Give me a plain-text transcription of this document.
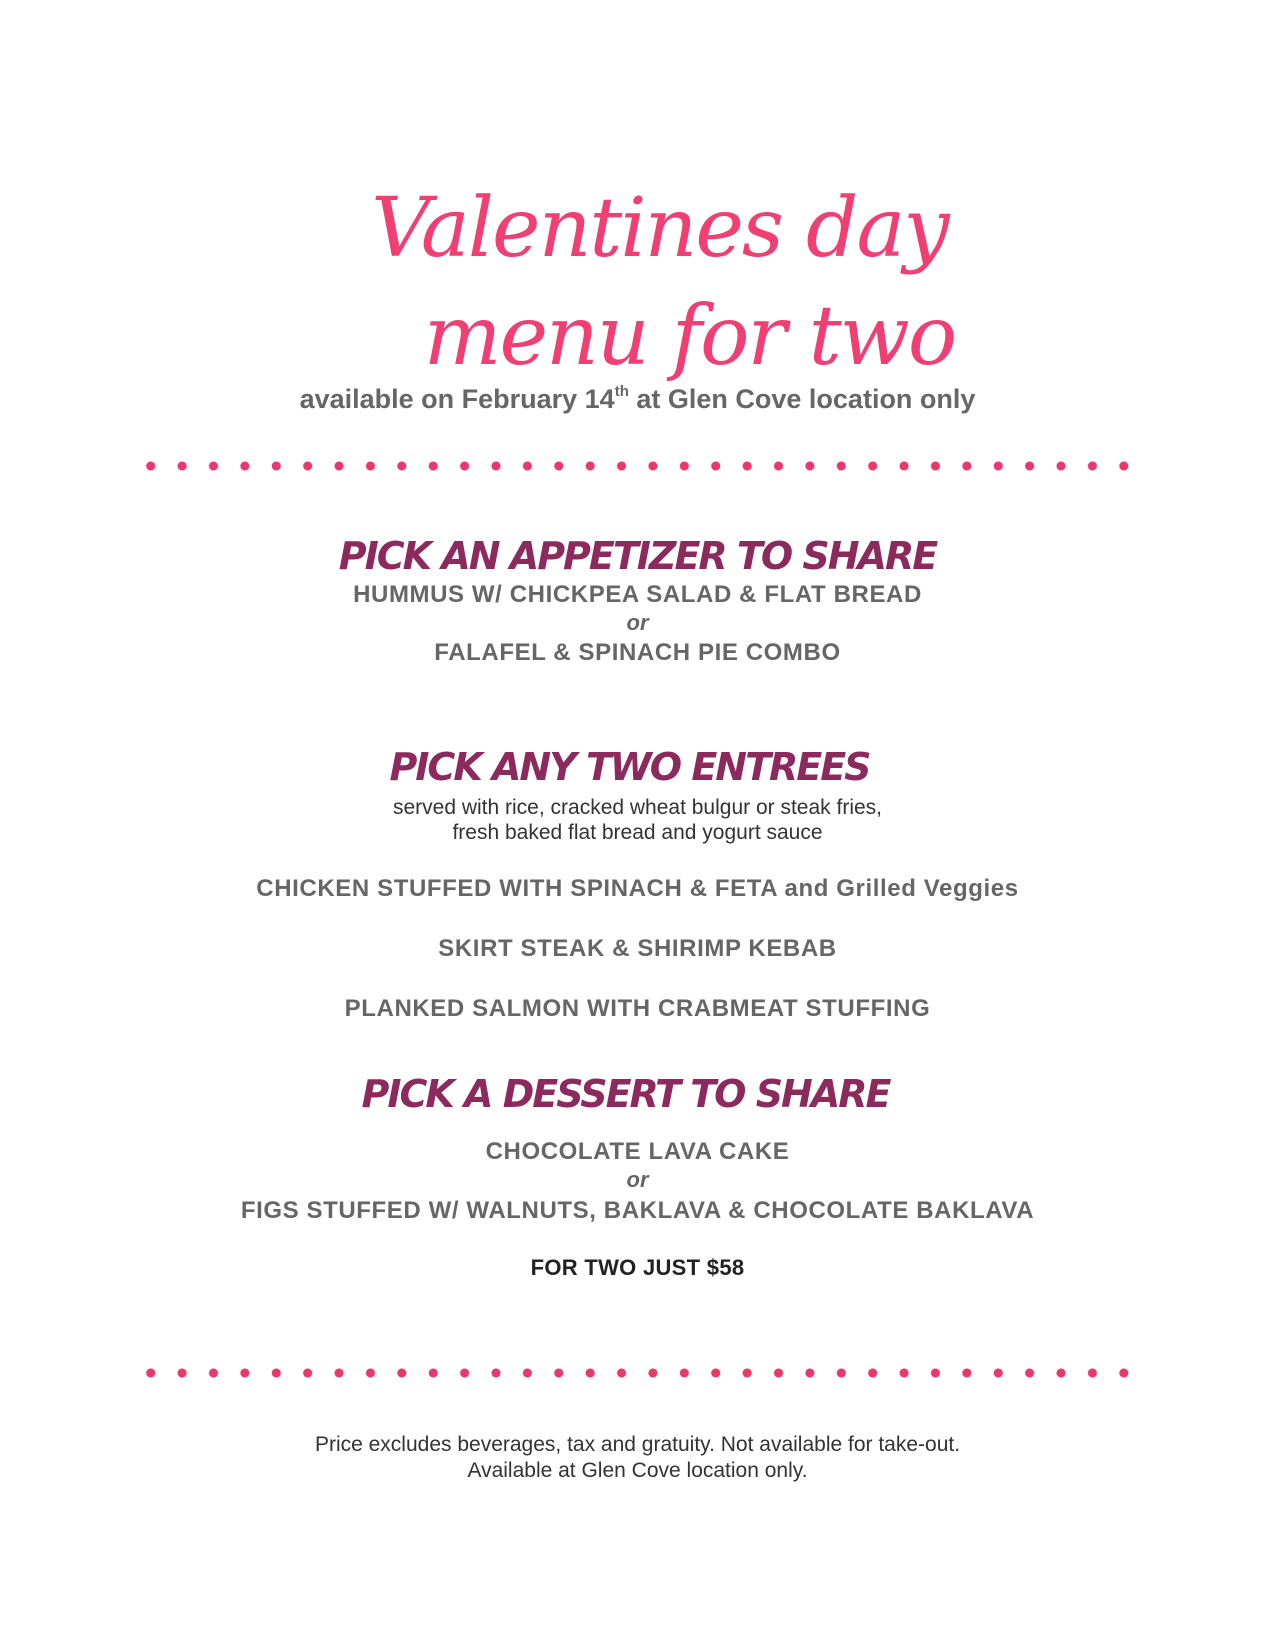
Valentines day
menu for two
available on February 14th at Glen Cove location only
PICK AN APPETIZER TO SHARE
HUMMUS W/ CHICKPEA SALAD & FLAT BREAD
or
FALAFEL & SPINACH PIE COMBO
PICK ANY TWO ENTREES
served with rice, cracked wheat bulgur or steak fries,
fresh baked flat bread and yogurt sauce
CHICKEN STUFFED WITH SPINACH & FETA and Grilled Veggies
SKIRT STEAK & SHIRIMP KEBAB
PLANKED SALMON WITH CRABMEAT STUFFING
PICK A DESSERT TO SHARE
CHOCOLATE LAVA CAKE
or
FIGS STUFFED W/ WALNUTS, BAKLAVA & CHOCOLATE BAKLAVA
FOR TWO JUST $58
Price excludes beverages, tax and gratuity. Not available for take-out.
Available at Glen Cove location only.
